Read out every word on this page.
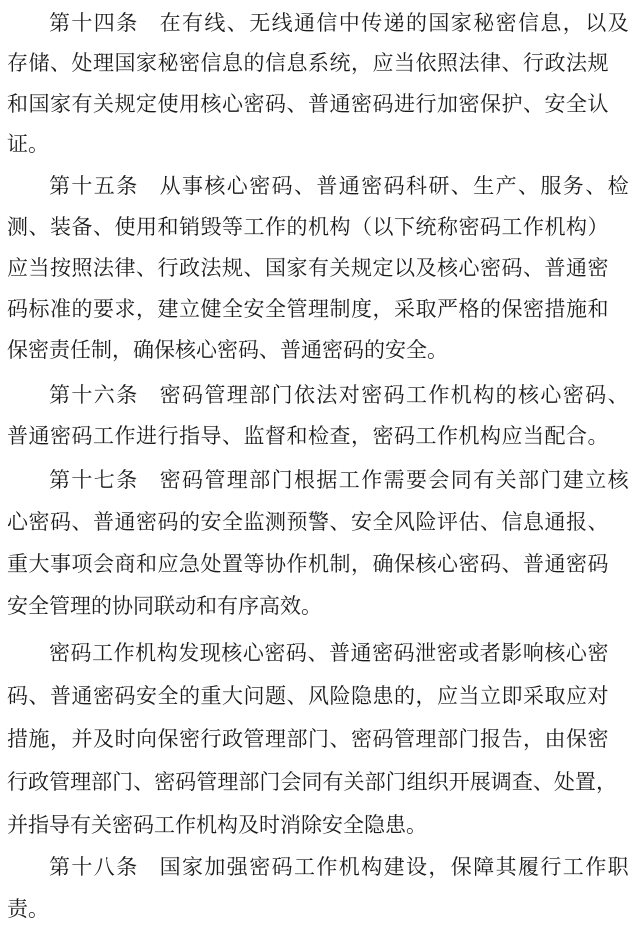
第十四条 在有线、无线通信中传递的国家秘密信息，以及
存储、处理国家秘密信息的信息系统，应当依照法律、行政法规
和国家有关规定使用核心密码、普通密码进行加密保护、安全认
证。
第十五条 从事核心密码、普通密码科研、生产、服务、检
测、装备、使用和销毁等工作的机构（以下统称密码工作机构）
应当按照法律、行政法规、国家有关规定以及核心密码、普通密
码标准的要求，建立健全安全管理制度，采取严格的保密措施和
保密责任制，确保核心密码、普通密码的安全。
第十六条 密码管理部门依法对密码工作机构的核心密码、
普通密码工作进行指导、监督和检查，密码工作机构应当配合。
第十七条 密码管理部门根据工作需要会同有关部门建立核
心密码、普通密码的安全监测预警、安全风险评估、信息通报、
重大事项会商和应急处置等协作机制，确保核心密码、普通密码
安全管理的协同联动和有序高效。
密码工作机构发现核心密码、普通密码泄密或者影响核心密
码、普通密码安全的重大问题、风险隐患的，应当立即采取应对
措施，并及时向保密行政管理部门、密码管理部门报告，由保密
行政管理部门、密码管理部门会同有关部门组织开展调查、处置，
并指导有关密码工作机构及时消除安全隐患。
第十八条 国家加强密码工作机构建设，保障其履行工作职
责。
